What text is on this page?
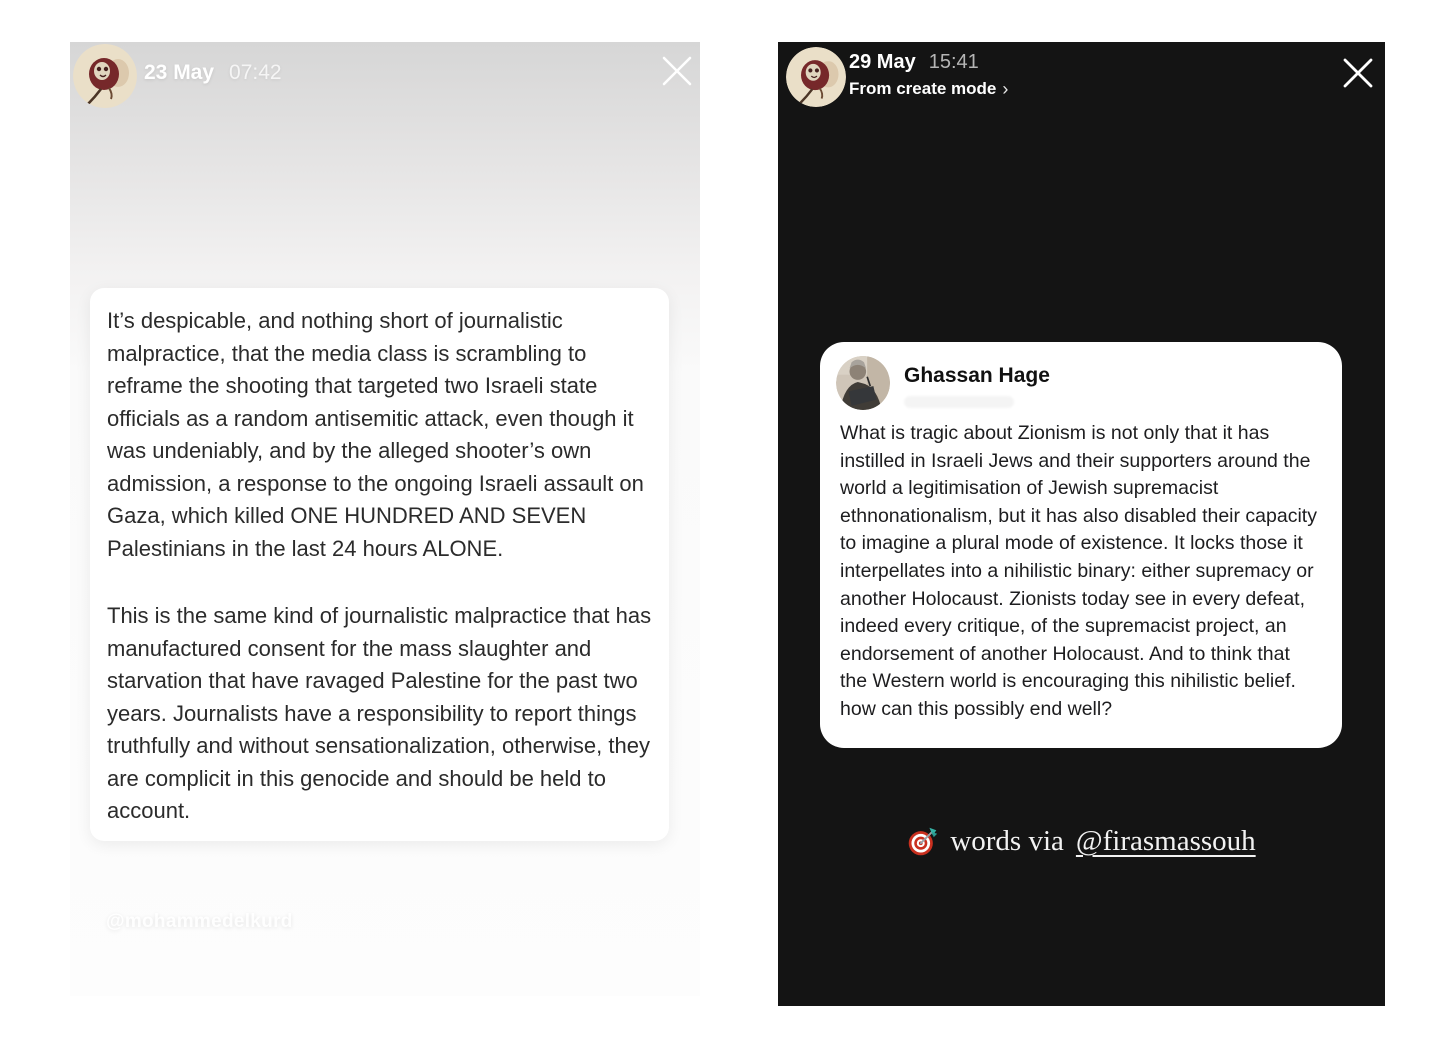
23 May 07:42

It’s despicable, and nothing short of journalistic malpractice, that the media class is scrambling to reframe the shooting that targeted two Israeli state officials as a random antisemitic attack, even though it was undeniably, and by the alleged shooter’s own admission, a response to the ongoing Israeli assault on Gaza, which killed ONE HUNDRED AND SEVEN Palestinians in the last 24 hours ALONE.

This is the same kind of journalistic malpractice that has manufactured consent for the mass slaughter and starvation that have ravaged Palestine for the past two years. Journalists have a responsibility to report things truthfully and without sensationalization, otherwise, they are complicit in this genocide and should be held to account.

@mohammedelkurd
29 May 15:41
From create mode ›
Ghassan Hage

What is tragic about Zionism is not only that it has instilled in Israeli Jews and their supporters around the world a legitimisation of Jewish supremacist ethnonationalism, but it has also disabled their capacity to imagine a plural mode of existence. It locks those it interpellates into a nihilistic binary: either supremacy or another Holocaust. Zionists today see in every defeat, indeed every critique, of the supremacist project, an endorsement of another Holocaust. And to think that the Western world is encouraging this nihilistic belief. how can this possibly end well?

words via @firasmassouh
